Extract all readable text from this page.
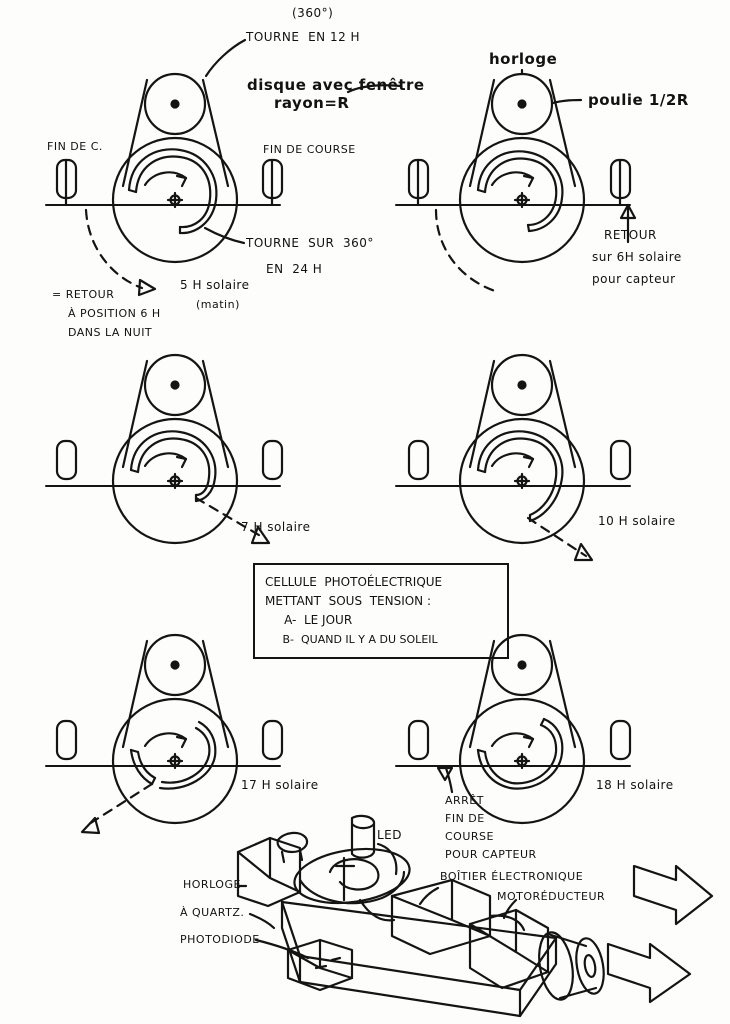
(360°)
TOURNE  EN 12 H
disque avec fenêtre
rayon=R
horloge
poulie 1/2R
FIN DE C.	FIN DE COURSE
TOURNE  SUR  360°
EN  24 H
5 H solaire
(matin)
= RETOUR
À POSITION 6 H
DANS LA NUIT
RETOUR
sur 6H solaire
pour capteur
7 H solaire	10 H solaire
17 H solaire	18 H solaire
ARRÊT
FIN DE
COURSE
POUR CAPTEUR
LED
HORLOGE
À QUARTZ.
PHOTODIODE
BOÎTIER ÉLECTRONIQUE
MOTORÉDUCTEUR
CELLULE  PHOTOÉLECTRIQUE
METTANT  SOUS  TENSION :
A-  LE JOUR
B-  QUAND IL Y A DU SOLEIL
